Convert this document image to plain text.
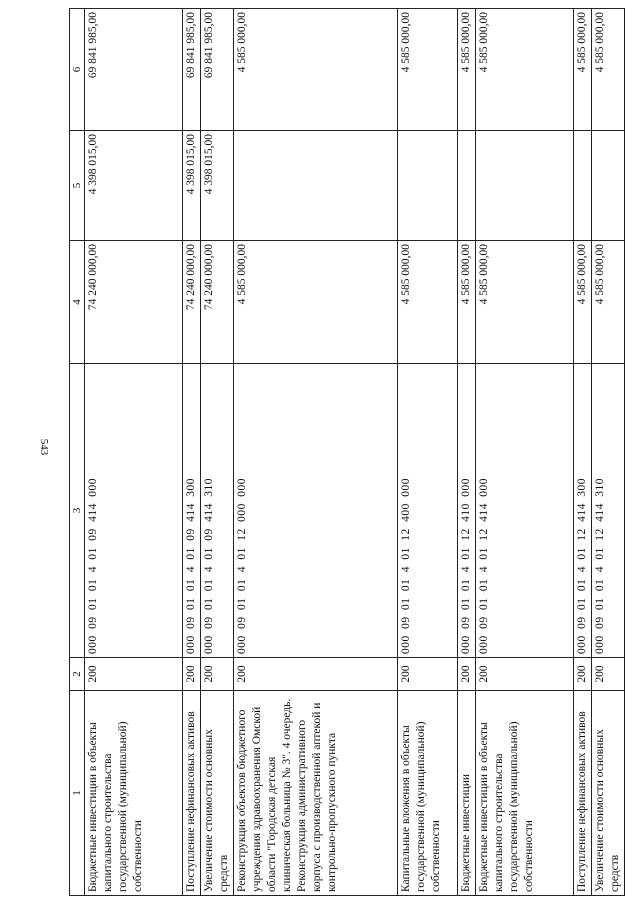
543
1	2	3	4	5	6
Бюджетные инвестиции в объекты капитального строительства государственной (муниципальной) собственности	200	000 09 01 01 4 01 09 414 000	74 240 000,00	4 398 015,00	69 841 985,00
Поступление нефинансовых активов	200	000 09 01 01 4 01 09 414 300	74 240 000,00	4 398 015,00	69 841 985,00
Увеличение стоимости основных средств	200	000 09 01 01 4 01 09 414 310	74 240 000,00	4 398 015,00	69 841 985,00
Реконструкция объектов бюджетного учреждения здравоохранения Омской области "Городская детская клиническая больница № 3". 4 очередь. Реконструкция административного корпуса с производственной аптекой и контрольно-пропускного пункта	200	000 09 01 01 4 01 12 000 000	4 585 000,00		4 585 000,00
Капитальные вложения в объекты государственной (муниципальной) собственности	200	000 09 01 01 4 01 12 400 000	4 585 000,00		4 585 000,00
Бюджетные инвестиции	200	000 09 01 01 4 01 12 410 000	4 585 000,00		4 585 000,00
Бюджетные инвестиции в объекты капитального строительства государственной (муниципальной) собственности	200	000 09 01 01 4 01 12 414 000	4 585 000,00		4 585 000,00
Поступление нефинансовых активов	200	000 09 01 01 4 01 12 414 300	4 585 000,00		4 585 000,00
Увеличение стоимости основных средств	200	000 09 01 01 4 01 12 414 310	4 585 000,00		4 585 000,00
